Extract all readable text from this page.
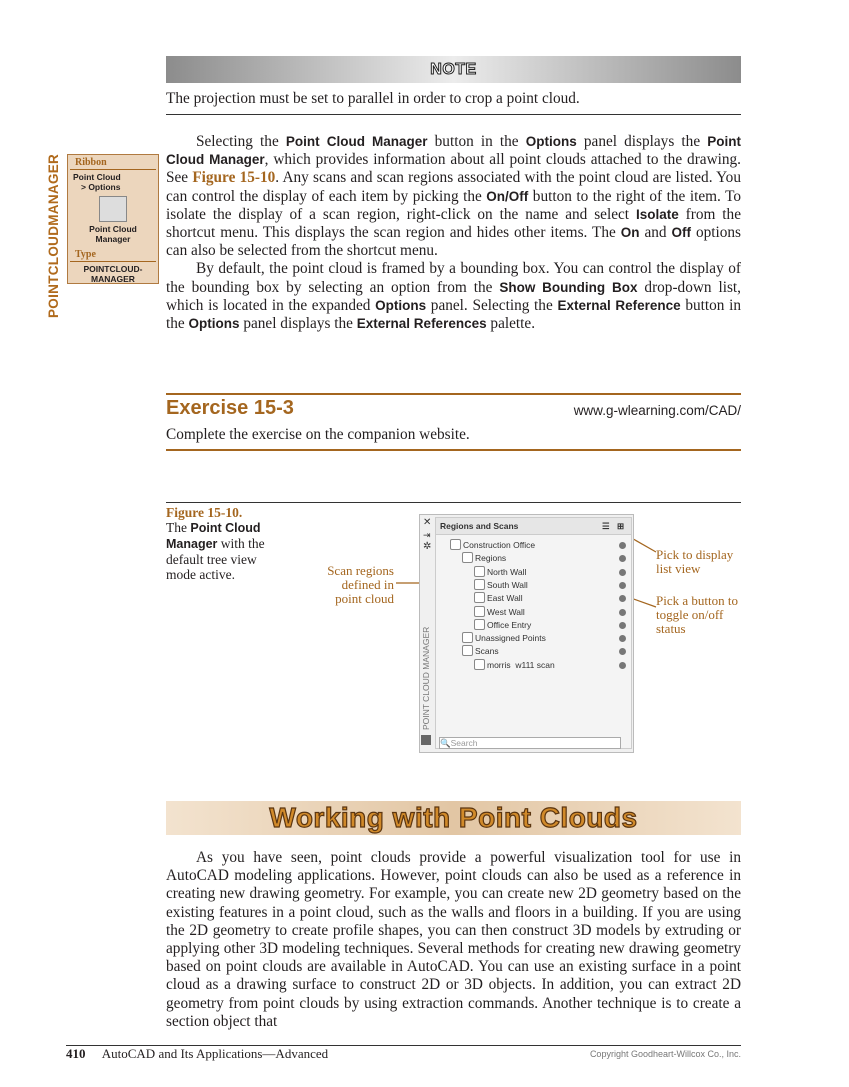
NOTE
The projection must be set to parallel in order to crop a point cloud.
POINTCLOUDMANAGER	Ribbon
Point Cloud
> Options
Point Cloud
Manager
Type
POINTCLOUD-
MANAGER
Selecting the Point Cloud Manager button in the Options panel displays the Point Cloud Manager, which provides information about all point clouds attached to the drawing. See Figure 15-10. Any scans and scan regions associated with the point cloud are listed. You can control the display of each item by picking the On/Off button to the right of the item. To isolate the display of a scan region, right-click on the name and select Isolate from the shortcut menu. This displays the scan region and hides other items. The On and Off options can also be selected from the shortcut menu.
By default, the point cloud is framed by a bounding box. You can control the display of the bounding box by selecting an option from the Show Bounding Box drop-down list, which is located in the expanded Options panel. Selecting the External Reference button in the Options panel displays the External References palette.
Exercise 15-3	www.g-wlearning.com/CAD/
Complete the exercise on the companion website.
Figure 15-10.
The Point Cloud Manager with the default tree view mode active.	Scan regions defined in point cloud
Pick to display list view
Pick a button to toggle on/off status
✕
⇥
✲
POINT CLOUD MANAGER
Regions and Scans	☰ ⊞
Construction Office
Regions
North Wall
South Wall
East Wall
West Wall
Office Entry
Unassigned Points
Scans
morris  w111 scan
🔍Search
Working with Point Clouds
As you have seen, point clouds provide a powerful visualization tool for use in AutoCAD modeling applications. However, point clouds can also be used as a reference in creating new drawing geometry. For example, you can create new 2D geometry based on the existing features in a point cloud, such as the walls and floors in a building. If you are using the 2D geometry to create profile shapes, you can then construct 3D models by extruding or applying other 3D modeling techniques. Several methods for creating new drawing geometry based on point clouds are available in AutoCAD. You can use an existing surface in a point cloud as a drawing surface to construct 2D or 3D objects. In addition, you can extract 2D geometry from point clouds by using extraction commands. Another technique is to create a section object that
410 AutoCAD and Its Applications—Advanced	Copyright Goodheart-Willcox Co., Inc.
